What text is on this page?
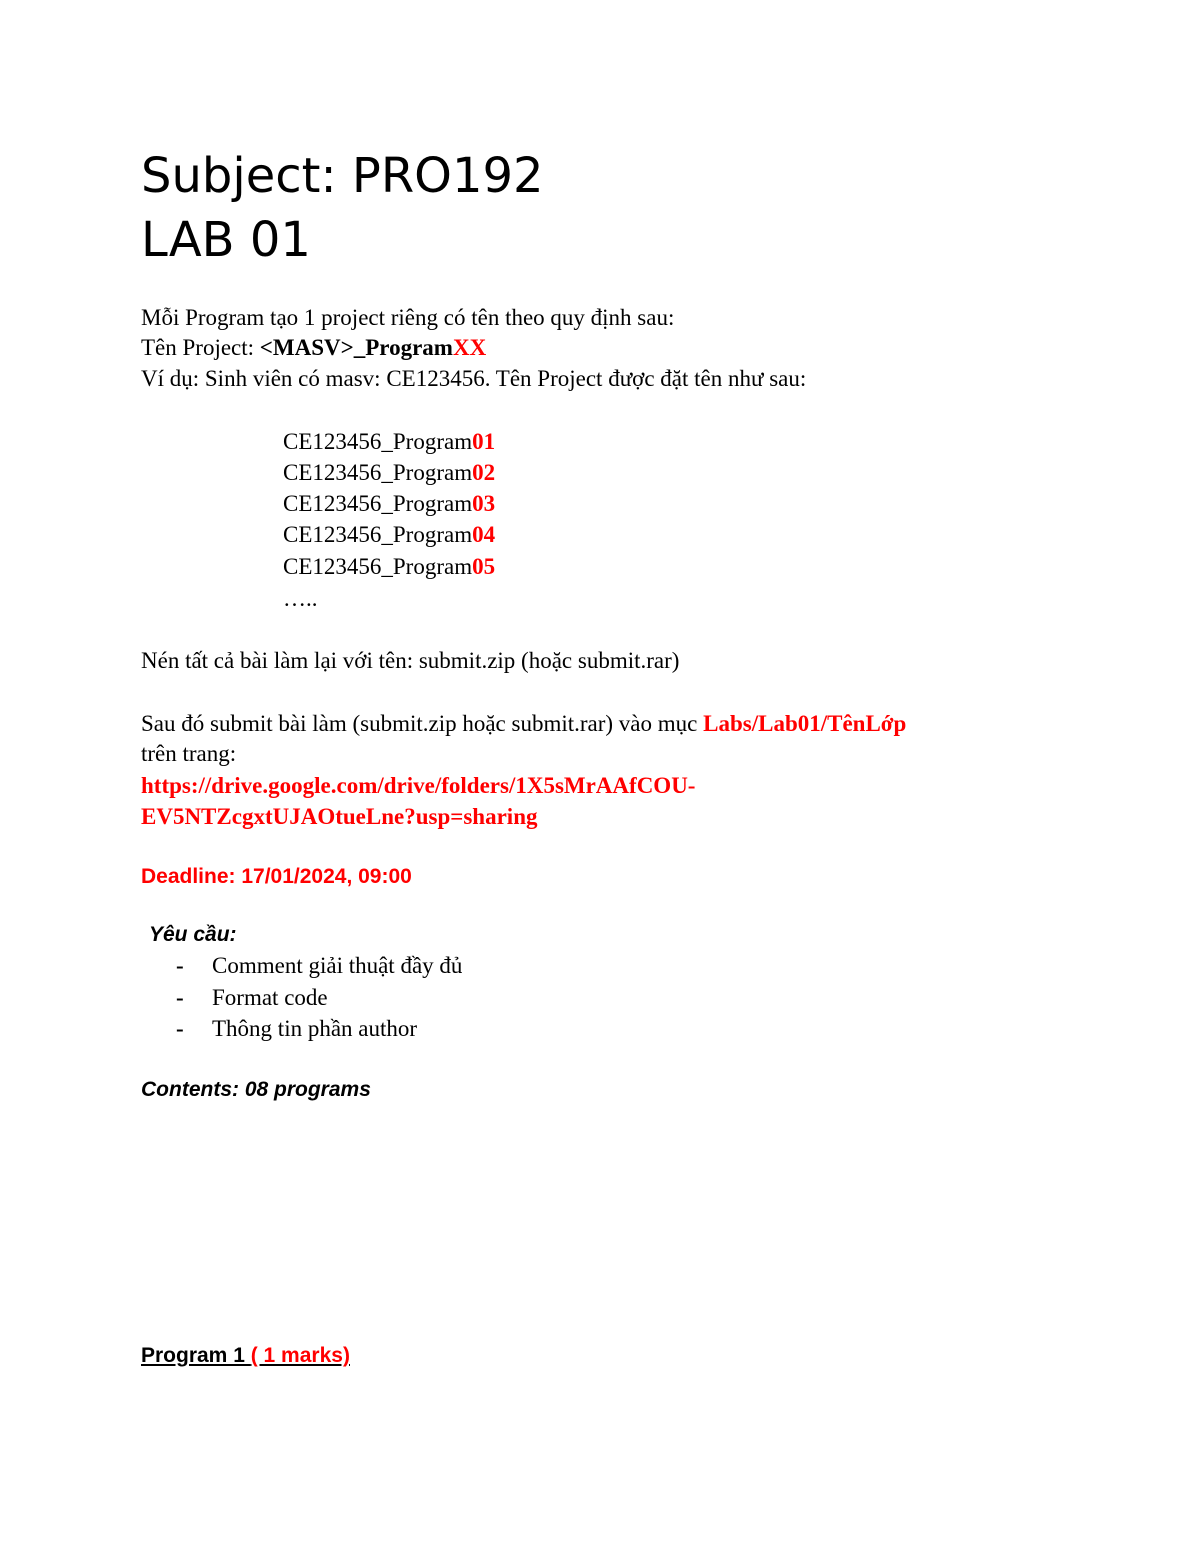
Subject: PRO192
LAB 01
Mỗi Program tạo 1 project riêng có tên theo quy định sau:
Tên Project: <MASV>_ProgramXX
Ví dụ: Sinh viên có masv: CE123456. Tên Project được đặt tên như sau:
CE123456_Program01
CE123456_Program02
CE123456_Program03
CE123456_Program04
CE123456_Program05
…..
Nén tất cả bài làm lại với tên: submit.zip (hoặc submit.rar)
Sau đó submit bài làm (submit.zip hoặc submit.rar) vào mục Labs/Lab01/TênLớp
trên trang:
https://drive.google.com/drive/folders/1X5sMrAAfCOU-
EV5NTZcgxtUJAOtueLne?usp=sharing
Deadline: 17/01/2024, 09:00
Yêu cầu:
- Comment giải thuật đầy đủ
- Format code
- Thông tin phần author
Contents: 08 programs
Program 1 ( 1 marks)
